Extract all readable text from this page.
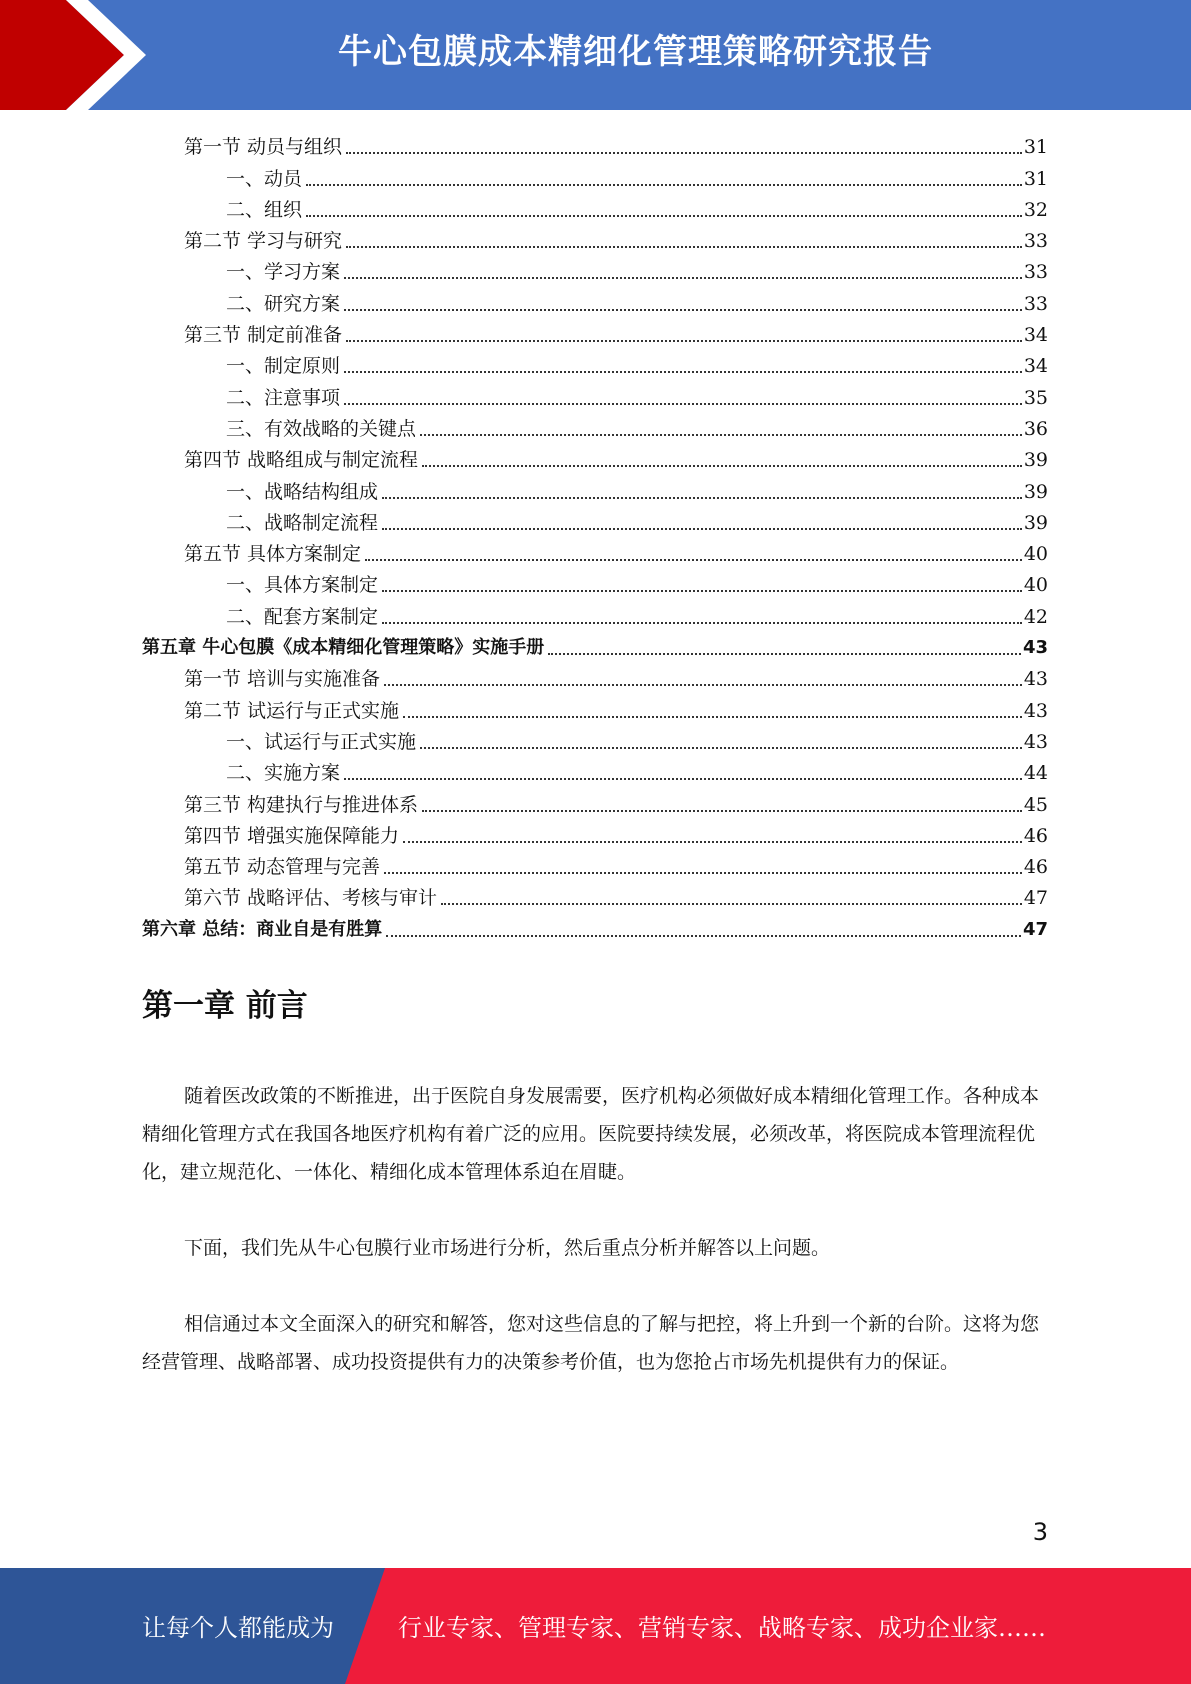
牛心包膜成本精细化管理策略研究报告
第一节 动员与组织	31
一、动员	31
二、组织	32
第二节 学习与研究	33
一、学习方案	33
二、研究方案	33
第三节 制定前准备	34
一、制定原则	34
二、注意事项	35
三、有效战略的关键点	36
第四节 战略组成与制定流程	39
一、战略结构组成	39
二、战略制定流程	39
第五节 具体方案制定	40
一、具体方案制定	40
二、配套方案制定	42
第五章 牛心包膜《成本精细化管理策略》实施手册	43
第一节 培训与实施准备	43
第二节 试运行与正式实施	43
一、试运行与正式实施	43
二、实施方案	44
第三节 构建执行与推进体系	45
第四节 增强实施保障能力	46
第五节 动态管理与完善	46
第六节 战略评估、考核与审计	47
第六章 总结：商业自是有胜算	47
第一章 前言

随着医改政策的不断推进，出于医院自身发展需要，医疗机构必须做好成本精细化管理工作。各种成本精细化管理方式在我国各地医疗机构有着广泛的应用。医院要持续发展，必须改革，将医院成本管理流程优化，建立规范化、一体化、精细化成本管理体系迫在眉睫。

下面，我们先从牛心包膜行业市场进行分析，然后重点分析并解答以上问题。

相信通过本文全面深入的研究和解答，您对这些信息的了解与把控，将上升到一个新的台阶。这将为您经营管理、战略部署、成功投资提供有力的决策参考价值，也为您抢占市场先机提供有力的保证。

3
让每个人都能成为	行业专家、管理专家、营销专家、战略专家、成功企业家……
